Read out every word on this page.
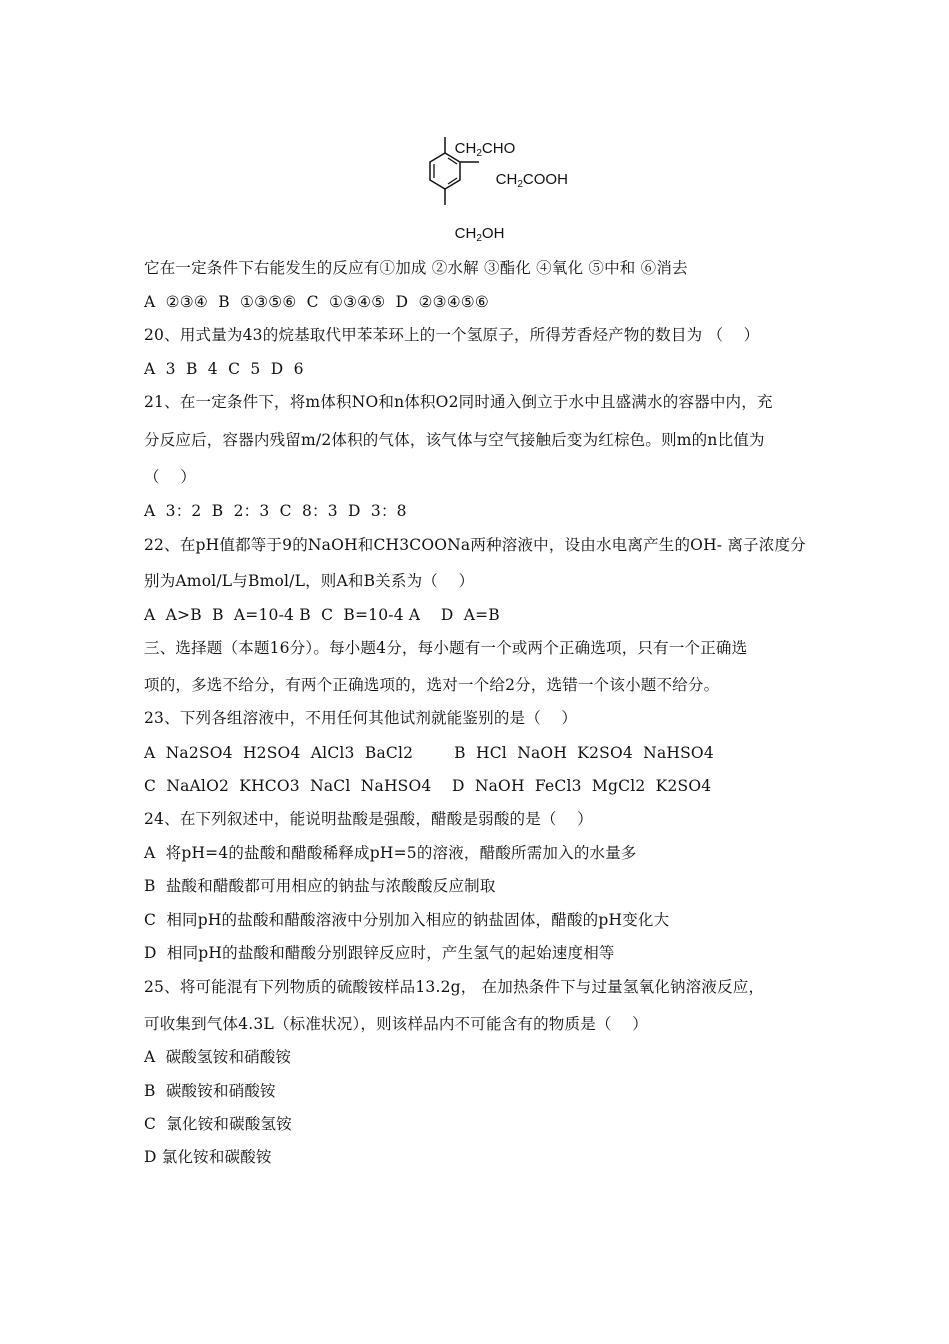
$CH_2CHO$

$CH_2COOH$

$CH_2OH$

它在一定条件下右能发生的反应有①加成 ②水解 ③酯化 ④氧化 ⑤中和 ⑥消去
A  ②③④  B  ①③⑤⑥  C  ①③④⑤  D  ②③④⑤⑥
20、用式量为43的烷基取代甲苯苯环上的一个氢原子，所得芳香烃产物的数目为 （    ）
A  3  B  4  C  5  D  6
21、在一定条件下，将m体积NO和n体积O2同时通入倒立于水中且盛满水的容器中内，充
分反应后，容器内残留m/2体积的气体，该气体与空气接触后变为红棕色。则m的n比值为
（    ）
A  3：2  B  2：3  C  8：3  D  3：8
22、在pH值都等于9的NaOH和CH3COONa两种溶液中，设由水电离产生的OH- 离子浓度分
别为Amol/L与Bmol/L，则A和B关系为（    ）
A  A>B  B  A=10-4 B  C  B=10-4 A    D  A=B
三、选择题（本题16分）。每小题4分，每小题有一个或两个正确选项，只有一个正确选
项的，多选不给分，有两个正确选项的，选对一个给2分，选错一个该小题不给分。
23、下列各组溶液中，不用任何其他试剂就能鉴别的是（    ）
A  Na2SO4  H2SO4  AlCl3  BaCl2        B  HCl  NaOH  K2SO4  NaHSO4
C  NaAlO2  KHCO3  NaCl  NaHSO4    D  NaOH  FeCl3  MgCl2  K2SO4
24、在下列叙述中，能说明盐酸是强酸，醋酸是弱酸的是（    ）
A  将pH=4的盐酸和醋酸稀释成pH=5的溶液，醋酸所需加入的水量多
B  盐酸和醋酸都可用相应的钠盐与浓酸酸反应制取
C  相同pH的盐酸和醋酸溶液中分别加入相应的钠盐固体，醋酸的pH变化大
D  相同pH的盐酸和醋酸分别跟锌反应时，产生氢气的起始速度相等
25、将可能混有下列物质的硫酸铵样品13.2g， 在加热条件下与过量氢氧化钠溶液反应，
可收集到气体4.3L（标准状况），则该样品内不可能含有的物质是（    ）
A  碳酸氢铵和硝酸铵
B  碳酸铵和硝酸铵
C  氯化铵和碳酸氢铵
D 氯化铵和碳酸铵
